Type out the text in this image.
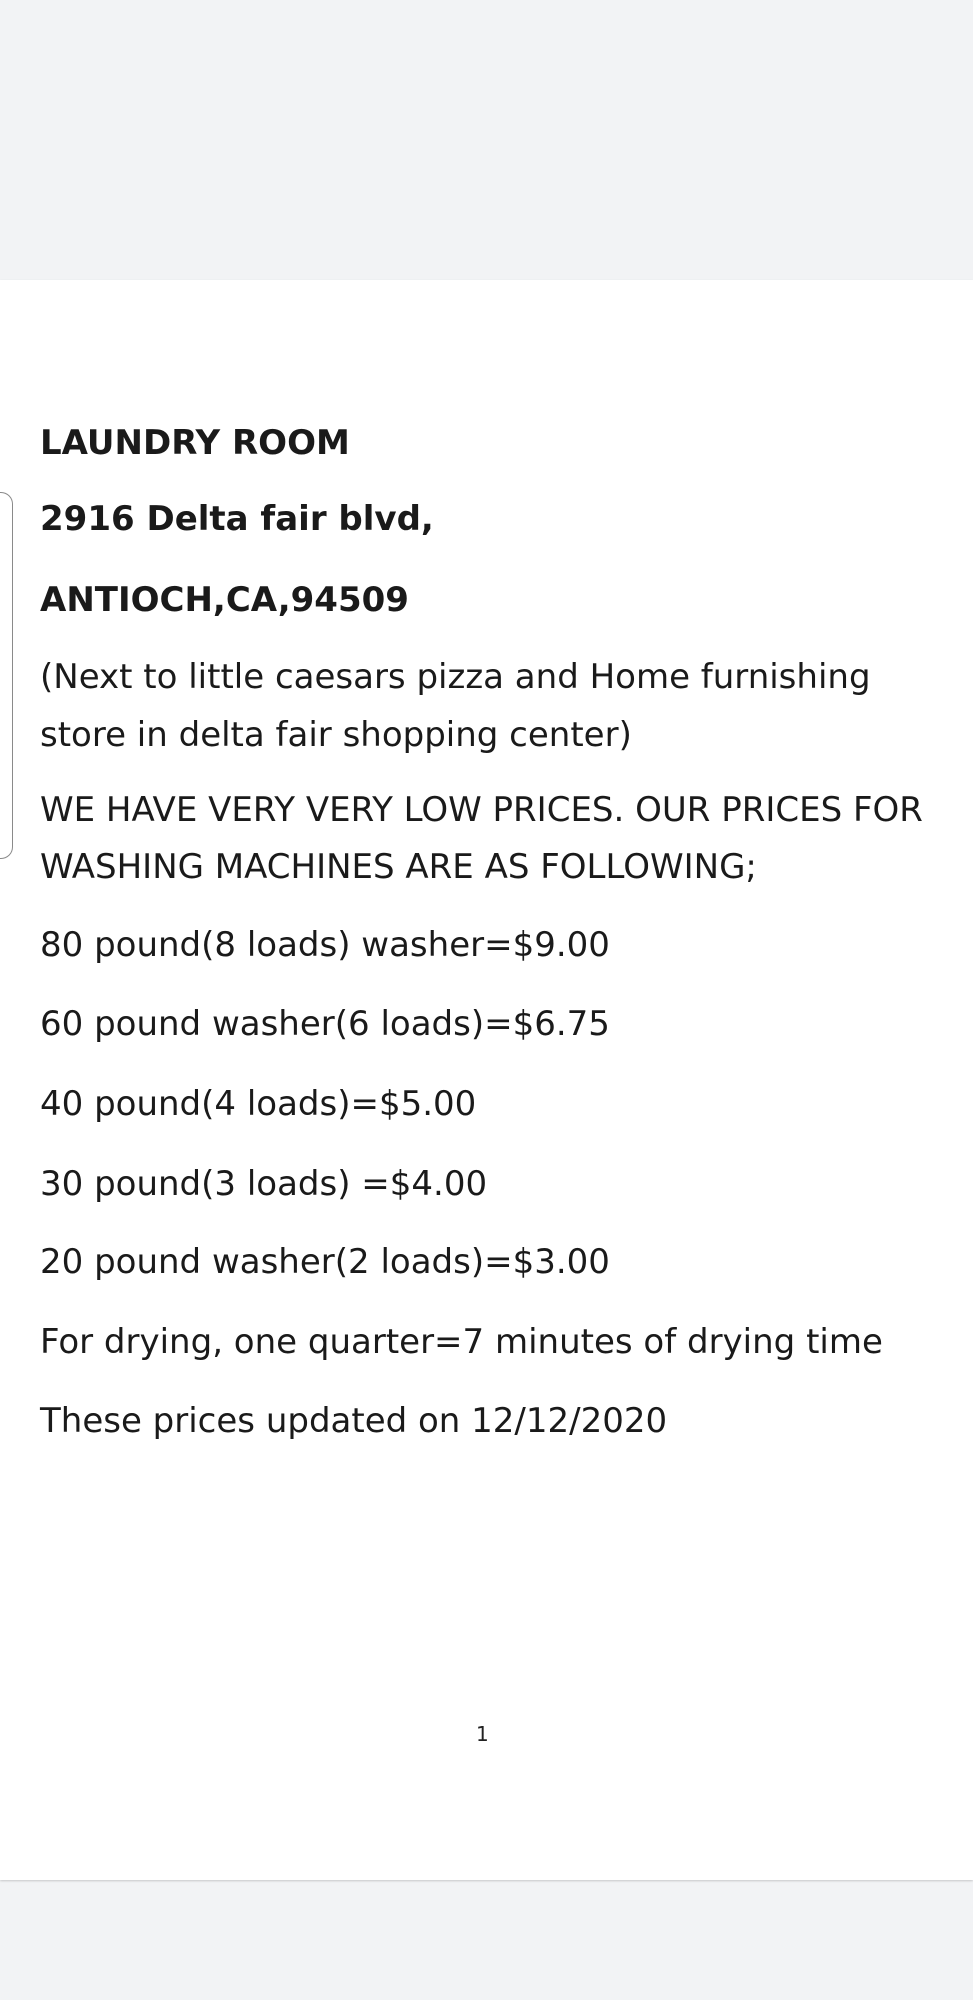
LAUNDRY ROOM

2916 Delta fair blvd,

ANTIOCH,CA,94509

(Next to little caesars pizza and Home furnishing

store in delta fair shopping center)

WE HAVE VERY VERY LOW PRICES. OUR PRICES FOR

WASHING MACHINES ARE AS FOLLOWING;

80 pound(8 loads) washer=$9.00

60 pound washer(6 loads)=$6.75

40 pound(4 loads)=$5.00

30 pound(3 loads) =$4.00

20 pound washer(2 loads)=$3.00

For drying, one quarter=7 minutes of drying time

These prices updated on 12/12/2020

1
